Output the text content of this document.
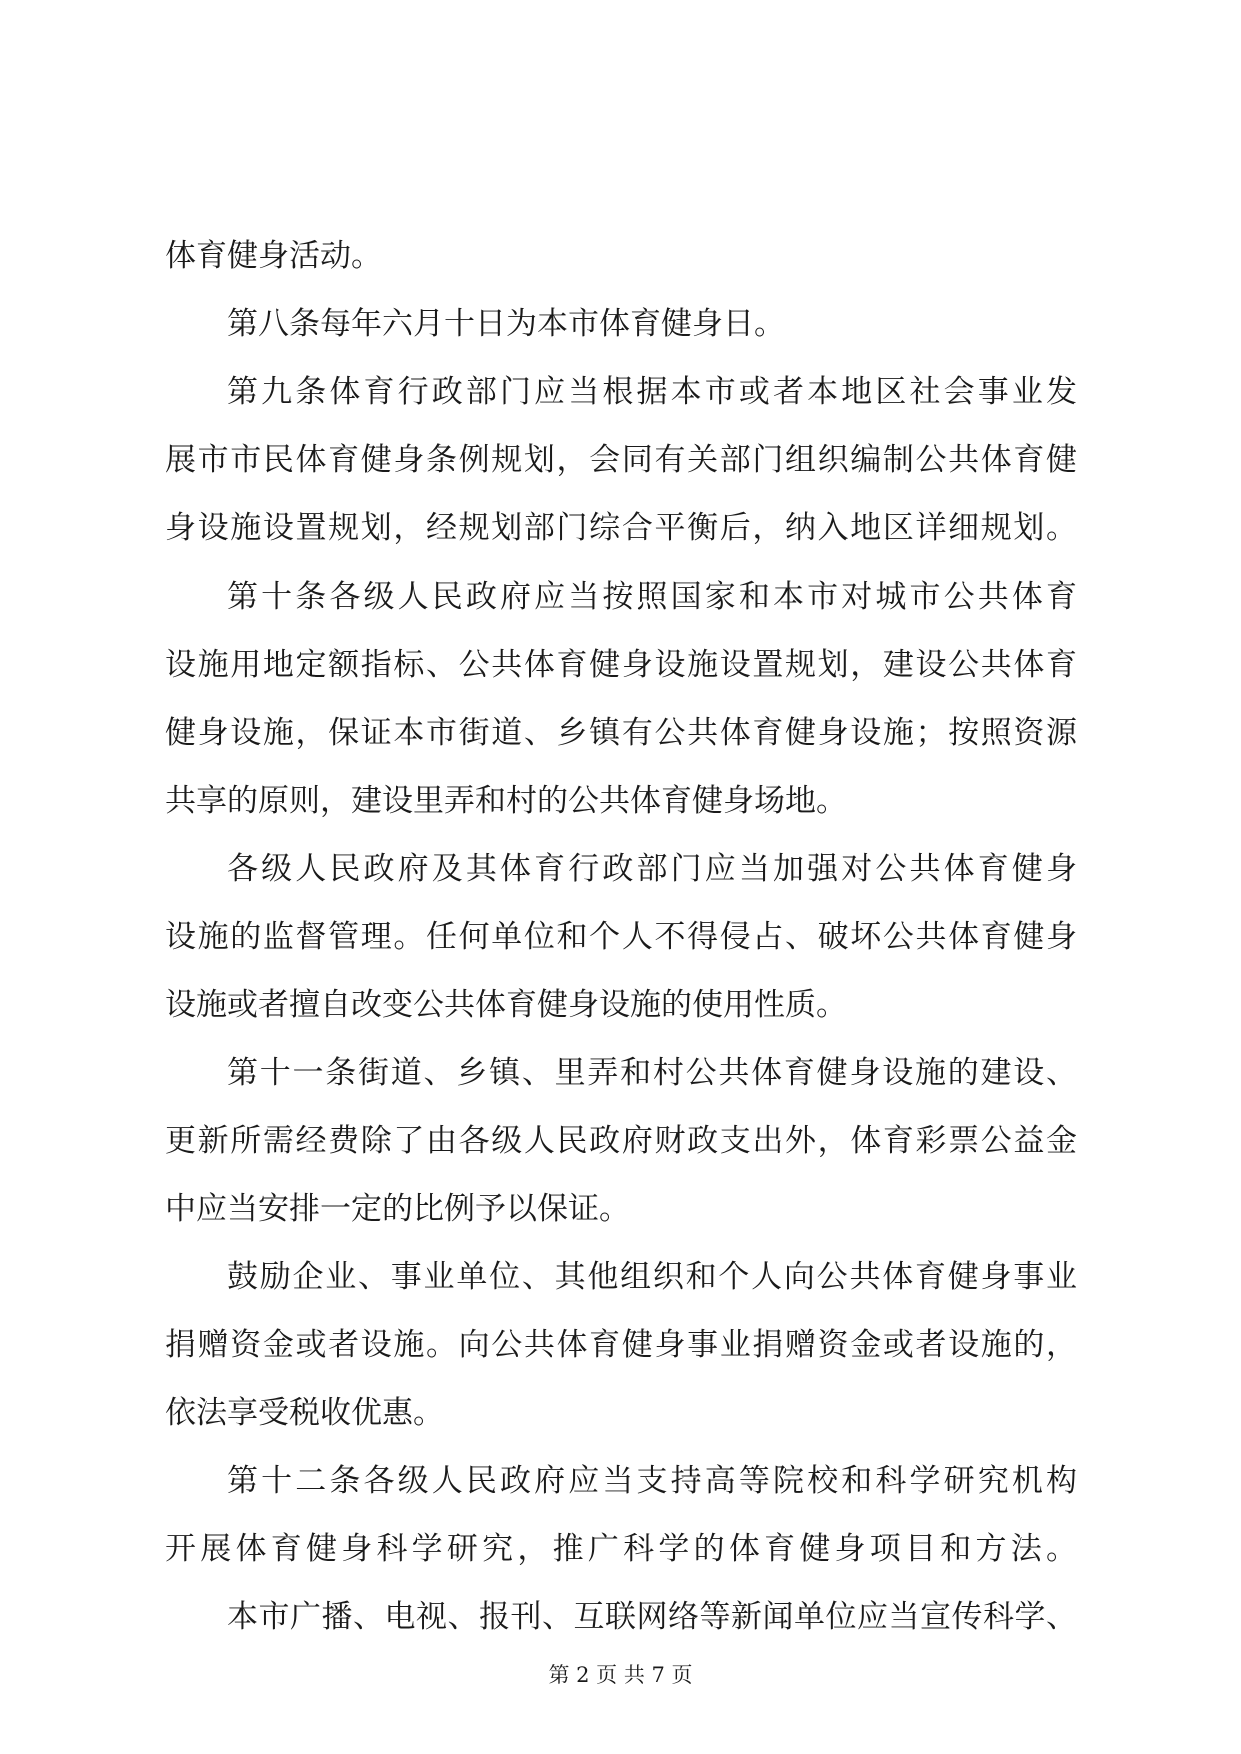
体育健身活动。
第八条每年六月十日为本市体育健身日。
第九条体育行政部门应当根据本市或者本地区社会事业发
展市市民体育健身条例规划，会同有关部门组织编制公共体育健
身设施设置规划，经规划部门综合平衡后，纳入地区详细规划。
第十条各级人民政府应当按照国家和本市对城市公共体育
设施用地定额指标、公共体育健身设施设置规划，建设公共体育
健身设施，保证本市街道、乡镇有公共体育健身设施；按照资源
共享的原则，建设里弄和村的公共体育健身场地。
各级人民政府及其体育行政部门应当加强对公共体育健身
设施的监督管理。任何单位和个人不得侵占、破坏公共体育健身
设施或者擅自改变公共体育健身设施的使用性质。
第十一条街道、乡镇、里弄和村公共体育健身设施的建设、
更新所需经费除了由各级人民政府财政支出外，体育彩票公益金
中应当安排一定的比例予以保证。
鼓励企业、事业单位、其他组织和个人向公共体育健身事业
捐赠资金或者设施。向公共体育健身事业捐赠资金或者设施的，
依法享受税收优惠。
第十二条各级人民政府应当支持高等院校和科学研究机构
开展体育健身科学研究，推广科学的体育健身项目和方法。
本市广播、电视、报刊、互联网络等新闻单位应当宣传科学、
第 2 页 共 7 页
